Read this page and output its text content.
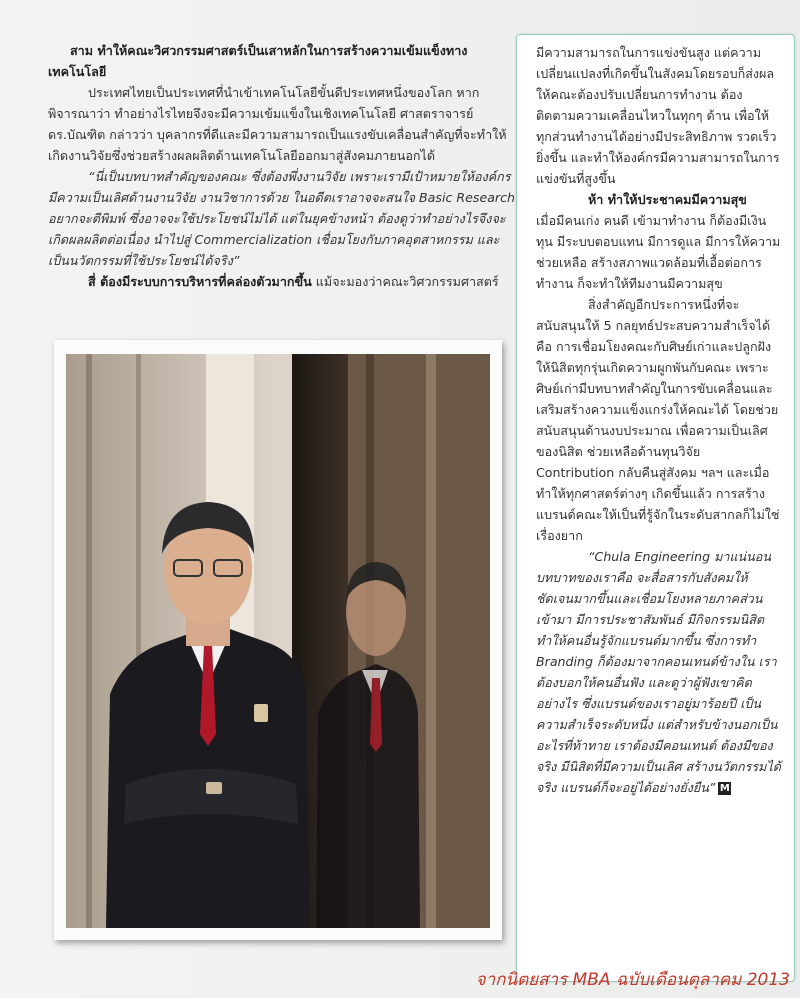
สาม ทำให้คณะวิศวกรรมศาสตร์เป็นเสาหลักในการสร้างความเข้มแข็งทางเทคโนโลยี

ประเทศไทยเป็นประเทศที่นำเข้าเทคโนโลยีขั้นดีประเทศหนึ่งของโลก หากพิจารณาว่า ทำอย่างไรไทยจึงจะมีความเข้มแข็งในเชิงเทคโนโลยี ศาสตราจารย์ ดร.บัณฑิต กล่าวว่า บุคลากรที่ดีและมีความสามารถเป็นแรงขับเคลื่อนสำคัญที่จะทำให้เกิดงานวิจัยซึ่งช่วยสร้างผลผลิตด้านเทคโนโลยีออกมาสู่สังคมภายนอกได้

“นี่เป็นบทบาทสำคัญของคณะ ซึ่งต้องพึ่งงานวิจัย เพราะเรามีเป้าหมายให้องค์กรมีความเป็นเลิศด้านงานวิจัย งานวิชาการด้วย ในอดีตเราอาจจะสนใจ Basic Research อยากจะตีพิมพ์ ซึ่งอาจจะใช้ประโยชน์ไม่ได้ แต่ในยุคข้างหน้า ต้องดูว่าทำอย่างไรจึงจะเกิดผลผลิตต่อเนื่อง นำไปสู่ Commercialization เชื่อมโยงกับภาคอุตสาหกรรม และเป็นนวัตกรรมที่ใช้ประโยชน์ได้จริง”

สี่ ต้องมีระบบการบริหารที่คล่องตัวมากขึ้น แม้จะมองว่าคณะวิศวกรรมศาสตร์

มีความสามารถในการแข่งขันสูง แต่ความเปลี่ยนแปลงที่เกิดขึ้นในสังคมโดยรอบก็ส่งผลให้คณะต้องปรับเปลี่ยนการทำงาน ต้องติดตามความเคลื่อนไหวในทุกๆ ด้าน เพื่อให้ทุกส่วนทำงานได้อย่างมีประสิทธิภาพ รวดเร็วยิ่งขึ้น และทำให้องค์กรมีความสามารถในการแข่งขันที่สูงขึ้น

ห้า ทำให้ประชาคมมีความสุข

เมื่อมีคนเก่ง คนดี เข้ามาทำงาน ก็ต้องมีเงินทุน มีระบบตอบแทน มีการดูแล มีการให้ความช่วยเหลือ สร้างสภาพแวดล้อมที่เอื้อต่อการทำงาน ก็จะทำให้ทีมงานมีความสุข

สิ่งสำคัญอีกประการหนึ่งที่จะสนับสนุนให้ 5 กลยุทธ์ประสบความสำเร็จได้คือ การเชื่อมโยงคณะกับศิษย์เก่าและปลูกฝังให้นิสิตทุกรุ่นเกิดความผูกพันกับคณะ เพราะศิษย์เก่ามีบทบาทสำคัญในการขับเคลื่อนและเสริมสร้างความแข็งแกร่งให้คณะได้ โดยช่วยสนับสนุนด้านงบประมาณ เพื่อความเป็นเลิศของนิสิต ช่วยเหลือด้านทุนวิจัย Contribution กลับคืนสู่สังคม ฯลฯ และเมื่อทำให้ทุกศาสตร์ต่างๆ เกิดขึ้นแล้ว การสร้างแบรนด์คณะให้เป็นที่รู้จักในระดับสากลก็ไม่ใช่เรื่องยาก

“Chula Engineering มาแน่นอน บทบาทของเราคือ จะสื่อสารกับสังคมให้ชัดเจนมากขึ้นและเชื่อมโยงหลายภาคส่วนเข้ามา มีการประชาสัมพันธ์ มีกิจกรรมนิสิต ทำให้คนอื่นรู้จักแบรนด์มากขึ้น ซึ่งการทำ Branding ก็ต้องมาจากคอนเทนต์ข้างใน เราต้องบอกให้คนอื่นฟัง และดูว่าผู้ฟังเขาคิดอย่างไร ซึ่งแบรนด์ของเราอยู่มาร้อยปี เป็นความสำเร็จระดับหนึ่ง แต่สำหรับข้างนอกเป็นอะไรที่ท้าทาย เราต้องมีคอนเทนต์ ต้องมีของจริง มีนิสิตที่มีความเป็นเลิศ สร้างนวัตกรรมได้จริง แบรนด์ก็จะอยู่ได้อย่างยั่งยืน” M

จากนิตยสาร MBA ฉบับเดือนตุลาคม 2013
